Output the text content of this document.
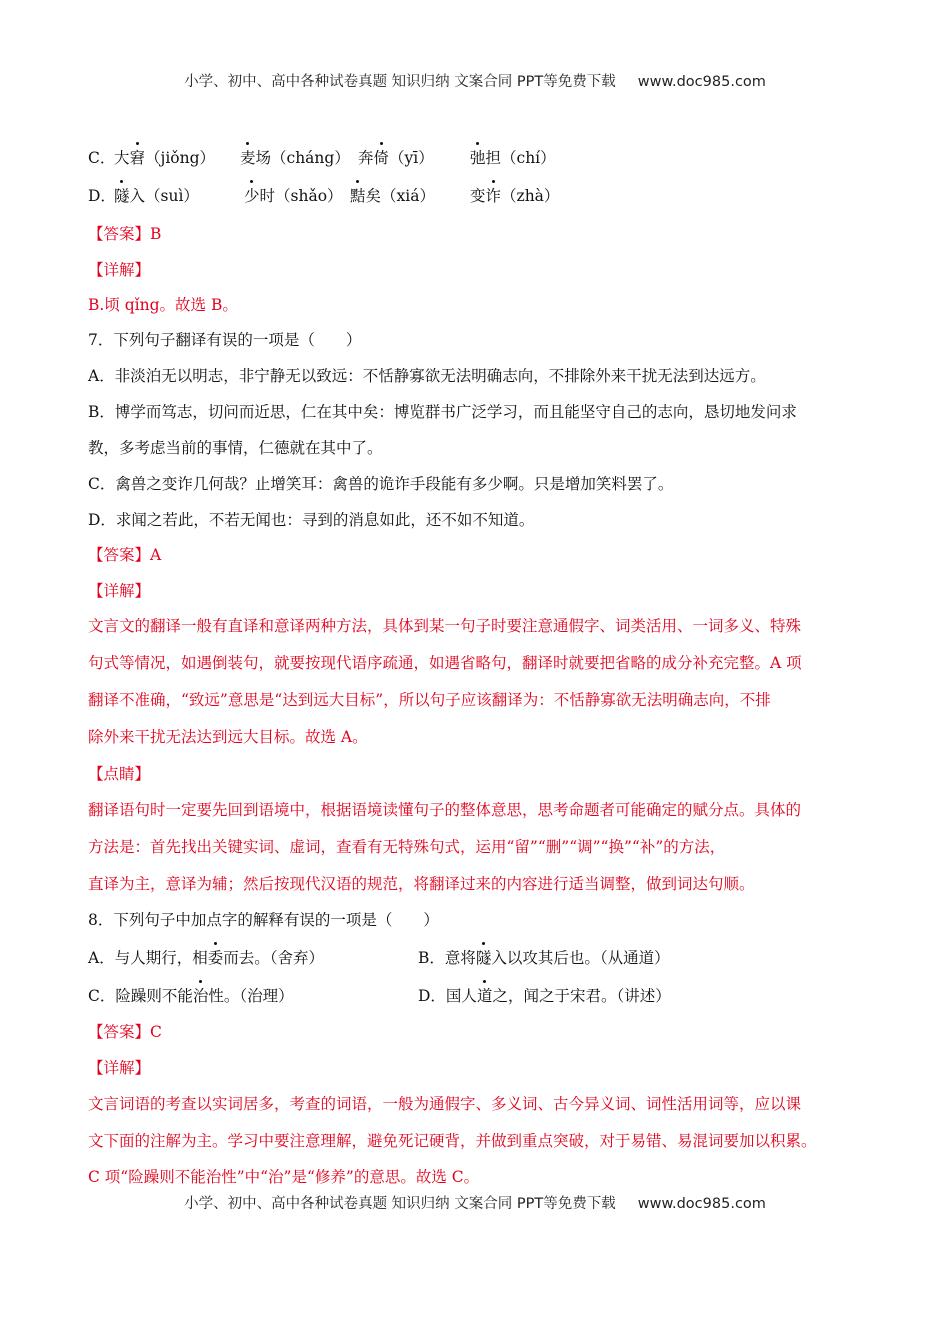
小学、初中、高中各种试卷真题 知识归纳 文案合同 PPT等免费下载 www.doc985.com
C．
大窘（jiǒng） 麦场（cháng） 奔倚（yī） 弛担（chí）
D．
隧入（suì）	少时（shǎo） 黠矣（xiá） 变诈（zhà）
【答案】B
【详解】
B.顷 qǐng。故选 B。
7．下列句子翻译有误的一项是（　　）
A．非淡泊无以明志，非宁静无以致远：不恬静寡欲无法明确志向，不排除外来干扰无法到达远方。
B．博学而笃志，切问而近思，仁在其中矣：博览群书广泛学习，而且能坚守自己的志向，恳切地发问求
教，多考虑当前的事情，仁德就在其中了。
C．禽兽之变诈几何哉？止增笑耳：禽兽的诡诈手段能有多少啊。只是增加笑料罢了。
D．求闻之若此，不若无闻也：寻到的消息如此，还不如不知道。
【答案】A
【详解】
文言文的翻译一般有直译和意译两种方法，具体到某一句子时要注意通假字、词类活用、一词多义、特殊
句式等情况，如遇倒装句，就要按现代语序疏通，如遇省略句，翻译时就要把省略的成分补充完整。A 项
翻译不准确，“致远”意思是“达到远大目标”，所以句子应该翻译为：不恬静寡欲无法明确志向，不排
除外来干扰无法达到远大目标。故选 A。
【点睛】
翻译语句时一定要先回到语境中，根据语境读懂句子的整体意思，思考命题者可能确定的赋分点。具体的
方法是：首先找出关键实词、虚词，查看有无特殊句式，运用“留”“删”“调”“换”“补”的方法，
直译为主，意译为辅；然后按现代汉语的规范，将翻译过来的内容进行适当调整，做到词达句顺。
8．下列句子中加点字的解释有误的一项是（　　）
A．与人期行，相委而去。（舍弃）	B．意将隧入以攻其后也。（从通道）
C．险躁则不能治性。（治理）	D．国人道之，闻之于宋君。（讲述）
【答案】C
【详解】
文言词语的考查以实词居多，考查的词语，一般为通假字、多义词、古今异义词、词性活用词等，应以课
文下面的注解为主。学习中要注意理解，避免死记硬背，并做到重点突破，对于易错、易混词要加以积累。
C 项“险躁则不能治性”中“治”是“修养”的意思。故选 C。
小学、初中、高中各种试卷真题 知识归纳 文案合同 PPT等免费下载 www.doc985.com
